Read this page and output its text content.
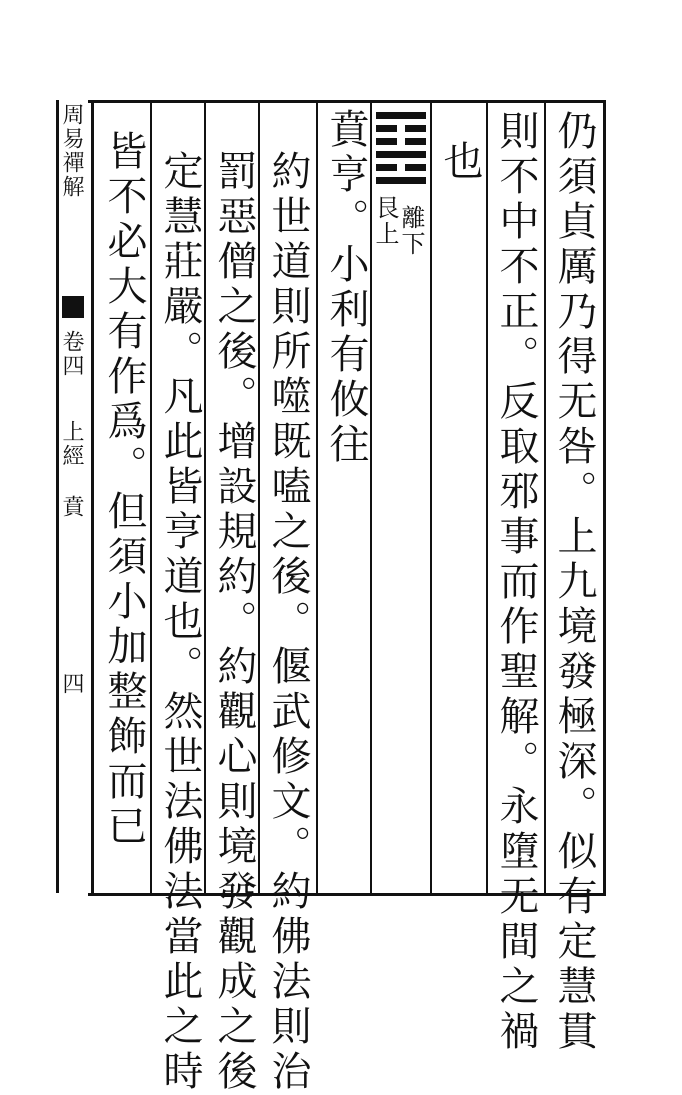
周易禪解
卷四
上經 賁
四	仍須貞厲乃得无咎。上九境發極深。似有定慧貫
則不中不正。反取邪事而作聖解。永墮无間之禍
也
離下
艮上
賁亨。小利有攸往
約世道則所噬既嗑之後。偃武修文。約佛法則治
罰惡僧之後。增設規約。約觀心則境發觀成之後
定慧莊嚴。凡此皆亨道也。然世法佛法當此之時
皆不必大有作爲。但須小加整飾而已
